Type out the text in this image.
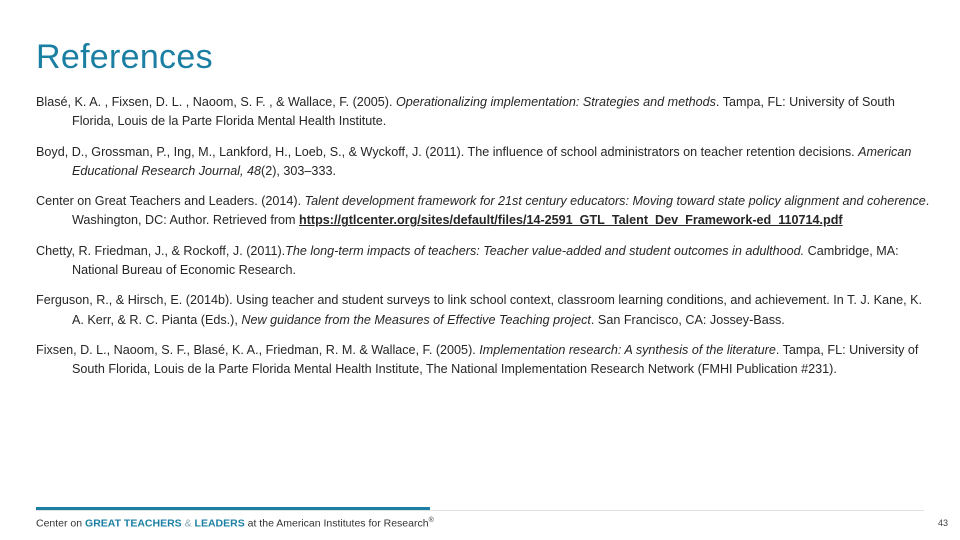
References

Blasé, K. A. , Fixsen, D. L. , Naoom, S. F. , & Wallace, F. (2005). Operationalizing implementation: Strategies and methods. Tampa, FL: University of South Florida, Louis de la Parte Florida Mental Health Institute.

Boyd, D., Grossman, P., Ing, M., Lankford, H., Loeb, S., & Wyckoff, J. (2011). The influence of school administrators on teacher retention decisions. American Educational Research Journal, 48(2), 303–333.

Center on Great Teachers and Leaders. (2014). Talent development framework for 21st century educators: Moving toward state policy alignment and coherence. Washington, DC: Author. Retrieved from https://gtlcenter.org/sites/default/files/14-2591_GTL_Talent_Dev_Framework-ed_110714.pdf

Chetty, R. Friedman, J., & Rockoff, J. (2011).The long-term impacts of teachers: Teacher value-added and student outcomes in adulthood. Cambridge, MA: National Bureau of Economic Research.

Ferguson, R., & Hirsch, E. (2014b). Using teacher and student surveys to link school context, classroom learning conditions, and achievement. In T. J. Kane, K. A. Kerr, & R. C. Pianta (Eds.), New guidance from the Measures of Effective Teaching project. San Francisco, CA: Jossey-Bass.

Fixsen, D. L., Naoom, S. F., Blasé, K. A., Friedman, R. M. & Wallace, F. (2005). Implementation research: A synthesis of the literature. Tampa, FL: University of South Florida, Louis de la Parte Florida Mental Health Institute, The National Implementation Research Network (FMHI Publication #231).

Center on GREAT TEACHERS & LEADERS at the American Institutes for Research®	43
